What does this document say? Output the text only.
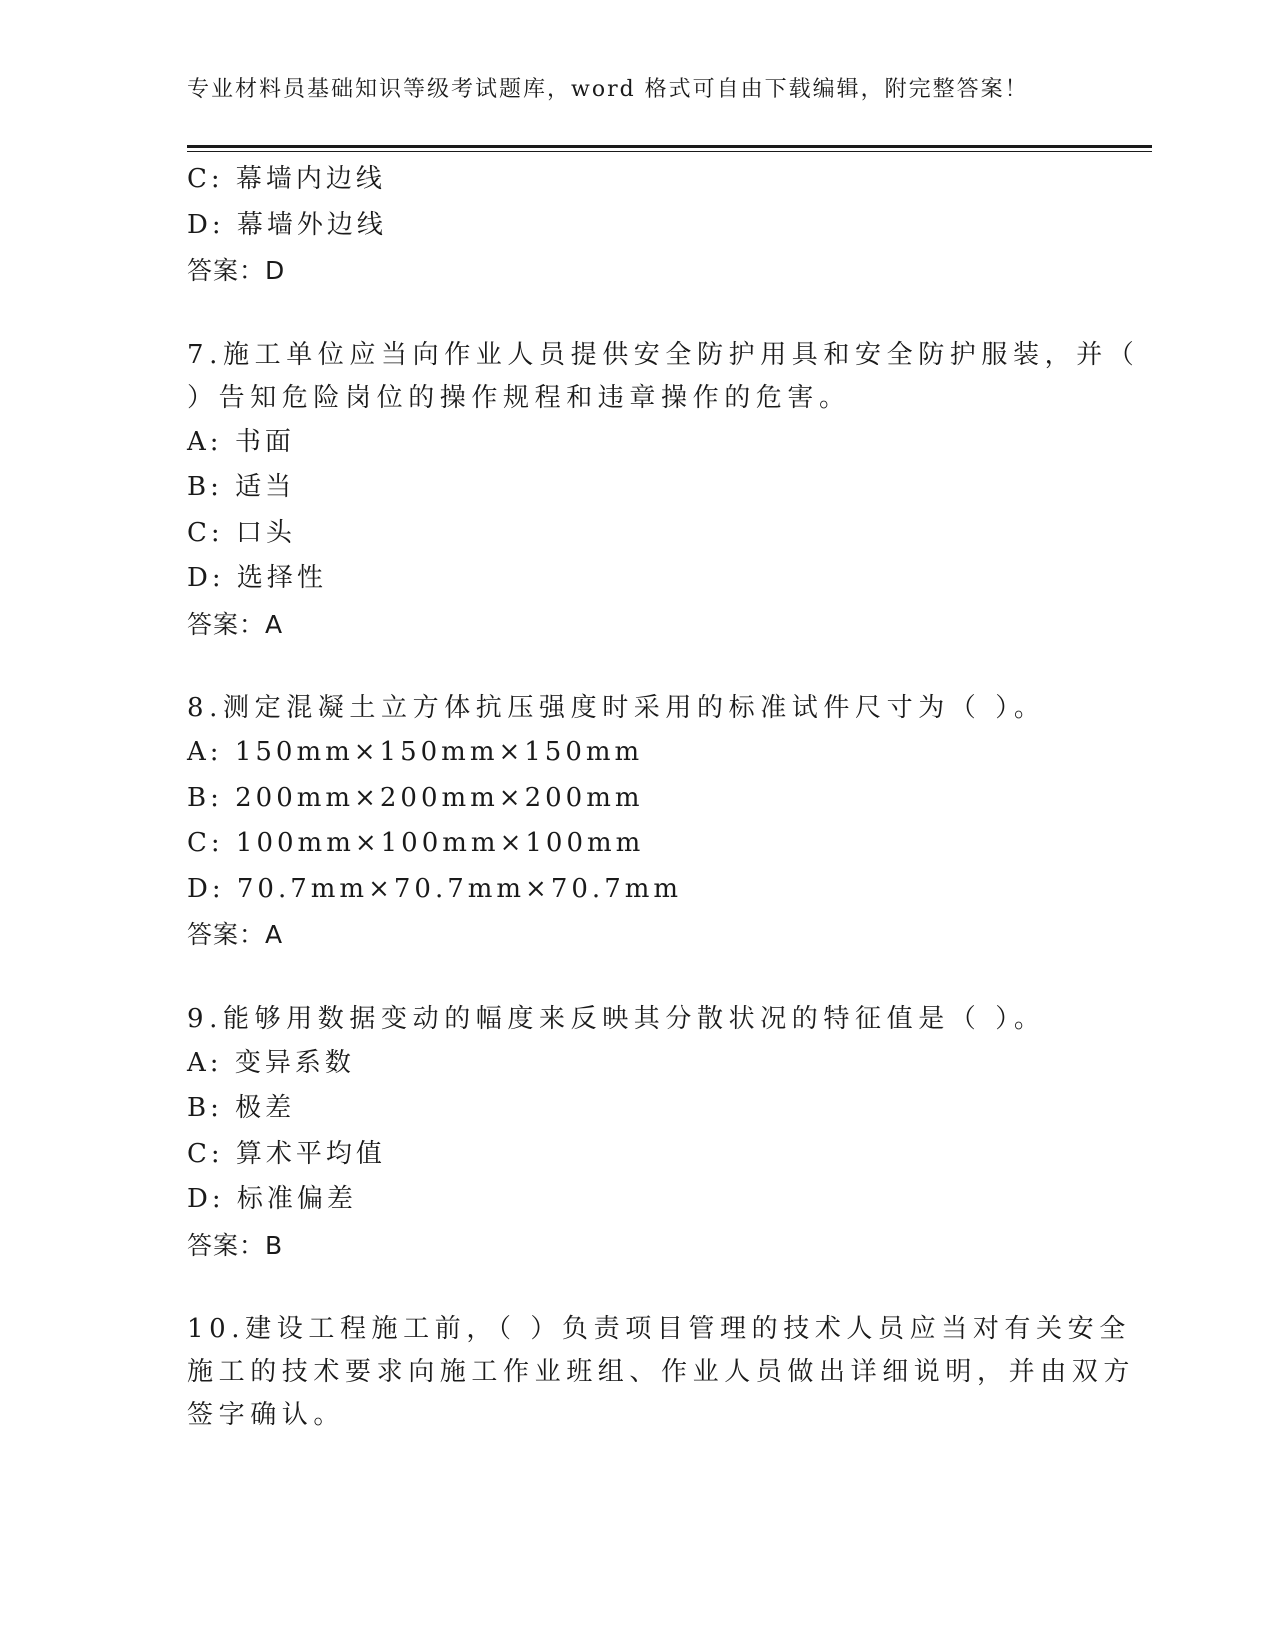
专业材料员基础知识等级考试题库，word 格式可自由下载编辑，附完整答案！
C: 幕墙内边线
D: 幕墙外边线
答案：D
7.施工单位应当向作业人员提供安全防护用具和安全防护服装，并（
）告知危险岗位的操作规程和违章操作的危害。
A: 书面
B: 适当
C: 口头
D: 选择性
答案：A
8.测定混凝土立方体抗压强度时采用的标准试件尺寸为（ ）。
A: 150mm×150mm×150mm
B: 200mm×200mm×200mm
C: 100mm×100mm×100mm
D: 70.7mm×70.7mm×70.7mm
答案：A
9.能够用数据变动的幅度来反映其分散状况的特征值是（ ）。
A: 变异系数
B: 极差
C: 算术平均值
D: 标准偏差
答案：B
10.建设工程施工前，（ ）负责项目管理的技术人员应当对有关安全
施工的技术要求向施工作业班组、作业人员做出详细说明，并由双方
签字确认。
